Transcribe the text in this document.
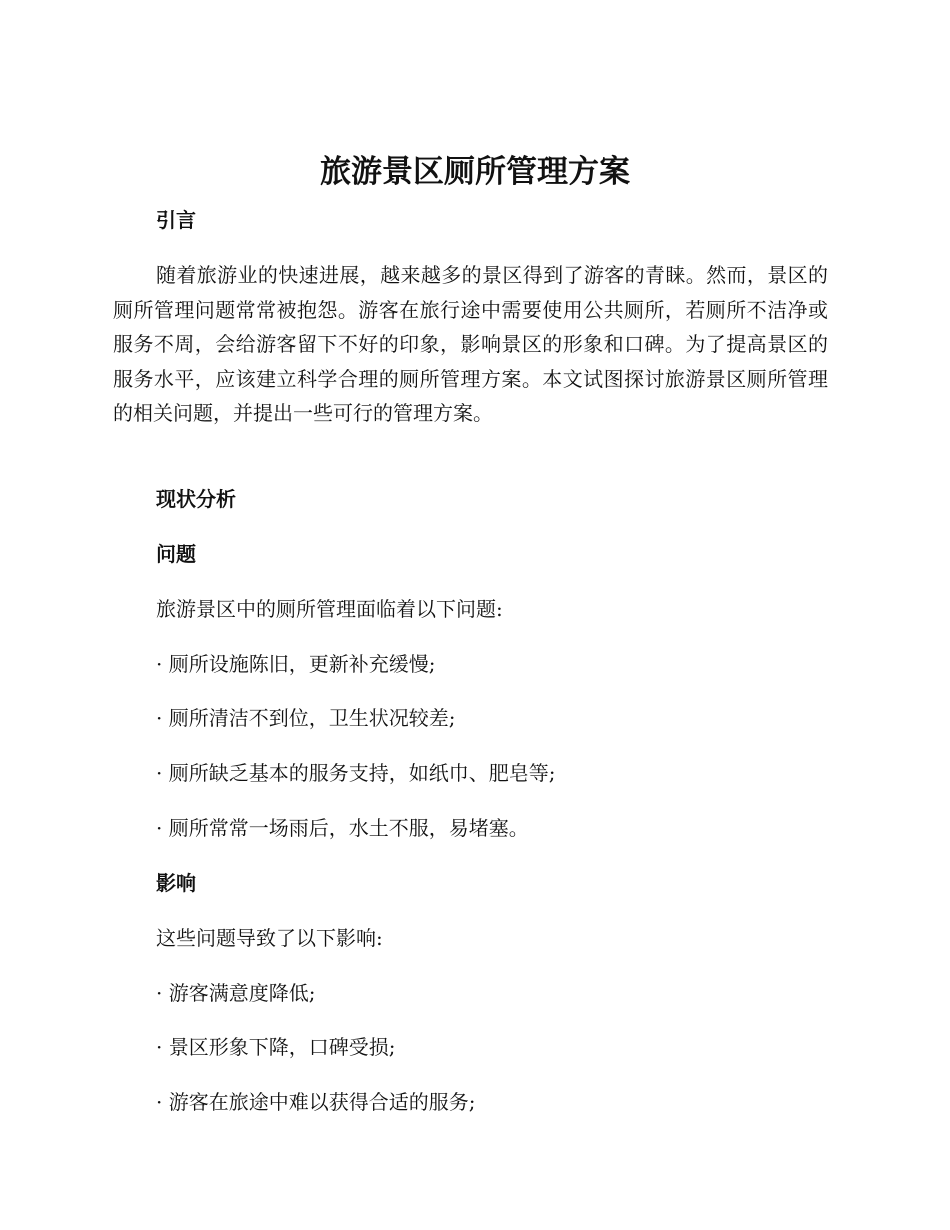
旅游景区厕所管理方案
引言

随着旅游业的快速进展，越来越多的景区得到了游客的青睐。然而，景区的厕所管理问题常常被抱怨。游客在旅行途中需要使用公共厕所，若厕所不洁净或服务不周，会给游客留下不好的印象，影响景区的形象和口碑。为了提高景区的服务水平，应该建立科学合理的厕所管理方案。本文试图探讨旅游景区厕所管理的相关问题，并提出一些可行的管理方案。

现状分析
问题

旅游景区中的厕所管理面临着以下问题:

· 厕所设施陈旧，更新补充缓慢;

· 厕所清洁不到位，卫生状况较差;

· 厕所缺乏基本的服务支持，如纸巾、肥皂等;

· 厕所常常一场雨后，水土不服，易堵塞。

影响

这些问题导致了以下影响:

· 游客满意度降低;

· 景区形象下降，口碑受损;

· 游客在旅途中难以获得合适的服务;
